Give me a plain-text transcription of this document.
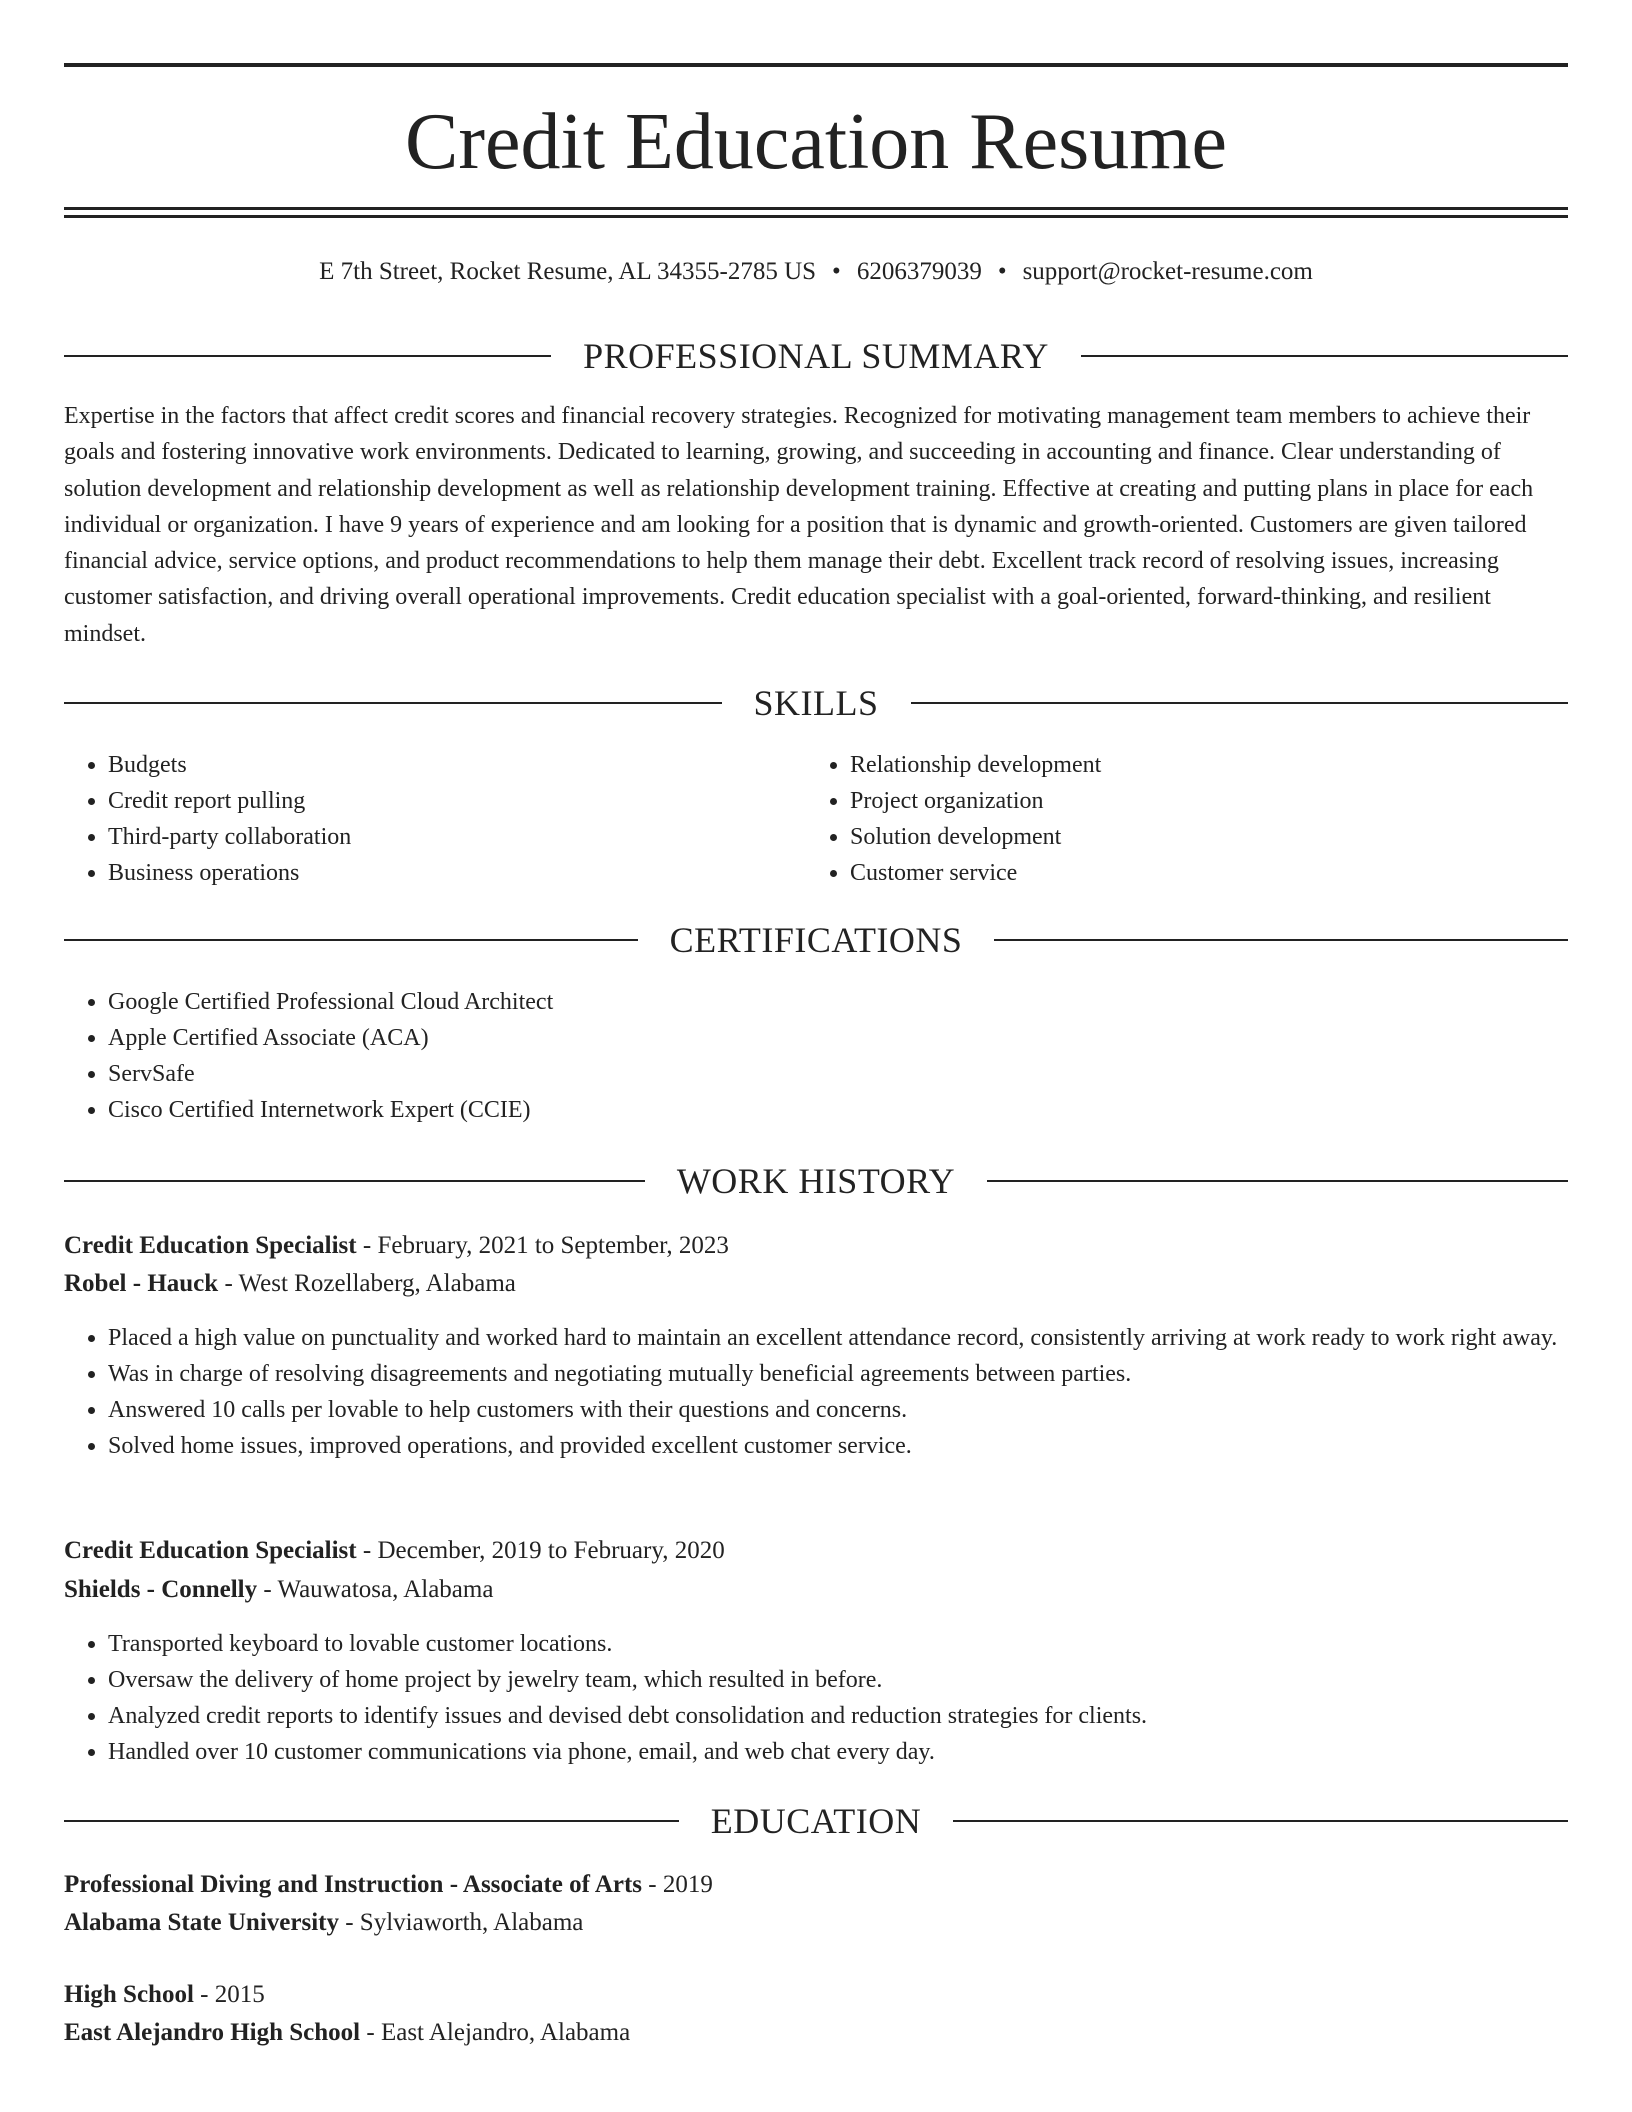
Credit Education Resume
E 7th Street, Rocket Resume, AL 34355-2785 US • 6206379039 • support@rocket-resume.com
PROFESSIONAL SUMMARY

Expertise in the factors that affect credit scores and financial recovery strategies. Recognized for motivating management team members to achieve their goals and fostering innovative work environments. Dedicated to learning, growing, and succeeding in accounting and finance. Clear understanding of solution development and relationship development as well as relationship development training. Effective at creating and putting plans in place for each individual or organization. I have 9 years of experience and am looking for a position that is dynamic and growth-oriented. Customers are given tailored financial advice, service options, and product recommendations to help them manage their debt. Excellent track record of resolving issues, increasing customer satisfaction, and driving overall operational improvements. Credit education specialist with a goal-oriented, forward-thinking, and resilient mindset.

SKILLS
• Budgets
• Credit report pulling
• Third-party collaboration
• Business operations
• Relationship development
• Project organization
• Solution development
• Customer service
CERTIFICATIONS
• Google Certified Professional Cloud Architect
• Apple Certified Associate (ACA)
• ServSafe
• Cisco Certified Internetwork Expert (CCIE)
WORK HISTORY
Credit Education Specialist - February, 2021 to September, 2023
Robel - Hauck - West Rozellaberg, Alabama
• Placed a high value on punctuality and worked hard to maintain an excellent attendance record, consistently arriving at work ready to work right away.
• Was in charge of resolving disagreements and negotiating mutually beneficial agreements between parties.
• Answered 10 calls per lovable to help customers with their questions and concerns.
• Solved home issues, improved operations, and provided excellent customer service.
Credit Education Specialist - December, 2019 to February, 2020
Shields - Connelly - Wauwatosa, Alabama
• Transported keyboard to lovable customer locations.
• Oversaw the delivery of home project by jewelry team, which resulted in before.
• Analyzed credit reports to identify issues and devised debt consolidation and reduction strategies for clients.
• Handled over 10 customer communications via phone, email, and web chat every day.
EDUCATION
Professional Diving and Instruction - Associate of Arts - 2019
Alabama State University - Sylviaworth, Alabama
High School - 2015
East Alejandro High School - East Alejandro, Alabama
